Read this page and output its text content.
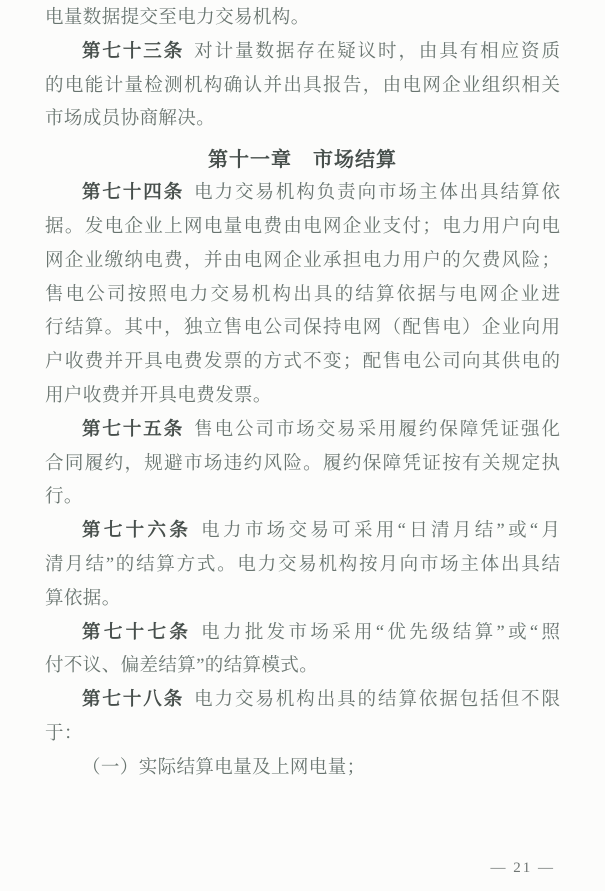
电量数据提交至电力交易机构。
第七十三条 对计量数据存在疑议时，由具有相应资质
的电能计量检测机构确认并出具报告，由电网企业组织相关
市场成员协商解决。
第十一章　市场结算
第七十四条 电力交易机构负责向市场主体出具结算依
据。发电企业上网电量电费由电网企业支付；电力用户向电
网企业缴纳电费，并由电网企业承担电力用户的欠费风险；
售电公司按照电力交易机构出具的结算依据与电网企业进
行结算。其中，独立售电公司保持电网（配售电）企业向用
户收费并开具电费发票的方式不变；配售电公司向其供电的
用户收费并开具电费发票。
第七十五条 售电公司市场交易采用履约保障凭证强化
合同履约，规避市场违约风险。履约保障凭证按有关规定执
行。
第七十六条 电力市场交易可采用“日清月结”或“月
清月结”的结算方式。电力交易机构按月向市场主体出具结
算依据。
第七十七条 电力批发市场采用“优先级结算”或“照
付不议、偏差结算”的结算模式。
第七十八条 电力交易机构出具的结算依据包括但不限
于：
（一）实际结算电量及上网电量；
— 21 —
